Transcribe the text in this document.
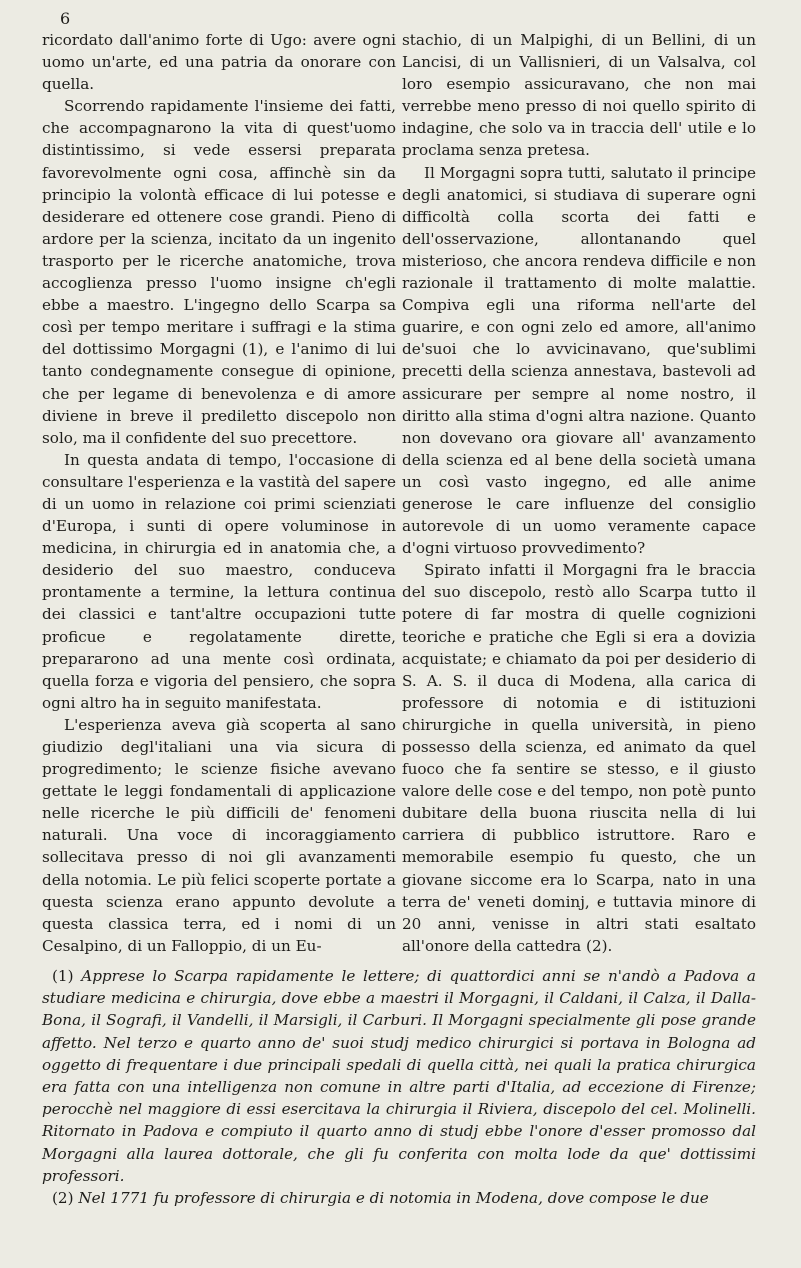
6

ricordato dall'animo forte di Ugo: avere ogni uomo un'arte, ed una patria da onorare con quella.

Scorrendo rapidamente l'insieme dei fatti, che accompagnarono la vita di quest'uomo distintissimo, si vede essersi preparata favorevolmente ogni cosa, affinchè sin da principio la volontà efficace di lui potesse e desiderare ed ottenere cose grandi. Pieno di ardore per la scienza, incitato da un ingenito trasporto per le ricerche anatomiche, trova accoglienza presso l'uomo insigne ch'egli ebbe a maestro. L'ingegno dello Scarpa sa così per tempo meritare i suffragi e la stima del dottissimo Morgagni (1), e l'animo di lui tanto condegnamente consegue di opinione, che per legame di benevolenza e di amore diviene in breve il prediletto discepolo non solo, ma il confidente del suo precettore.

In questa andata di tempo, l'occasione di consultare l'esperienza e la vastità del sapere di un uomo in relazione coi primi scienziati d'Europa, i sunti di opere voluminose in medicina, in chirurgia ed in anatomia che, a desiderio del suo maestro, conduceva prontamente a termine, la lettura continua dei classici e tant'altre occupazioni tutte proficue e regolatamente dirette, prepararono ad una mente così ordinata, quella forza e vigoria del pensiero, che sopra ogni altro ha in seguito manifestata.

L'esperienza aveva già scoperta al sano giudizio degl'italiani una via sicura di progredimento; le scienze fisiche avevano gettate le leggi fondamentali di applicazione nelle ricerche le più difficili de' fenomeni naturali. Una voce di incoraggiamento sollecitava presso di noi gli avanzamenti della notomia. Le più felici scoperte portate a questa scienza erano appunto devolute a questa classica terra, ed i nomi di un Cesalpino, di un Falloppio, di un Eu-

stachio, di un Malpighi, di un Bellini, di un Lancisi, di un Vallisnieri, di un Valsalva, col loro esempio assicuravano, che non mai verrebbe meno presso di noi quello spirito di indagine, che solo va in traccia dell' utile e lo proclama senza pretesa.

Il Morgagni sopra tutti, salutato il principe degli anatomici, si studiava di superare ogni difficoltà colla scorta dei fatti e dell'osservazione, allontanando quel misterioso, che ancora rendeva difficile e non razionale il trattamento di molte malattie. Compiva egli una riforma nell'arte del guarire, e con ogni zelo ed amore, all'animo de'suoi che lo avvicinavano, que'sublimi precetti della scienza annestava, bastevoli ad assicurare per sempre al nome nostro, il diritto alla stima d'ogni altra nazione. Quanto non dovevano ora giovare all' avanzamento della scienza ed al bene della società umana un così vasto ingegno, ed alle anime generose le care influenze del consiglio autorevole di un uomo veramente capace d'ogni virtuoso provvedimento?

Spirato infatti il Morgagni fra le braccia del suo discepolo, restò allo Scarpa tutto il potere di far mostra di quelle cognizioni teoriche e pratiche che Egli si era a dovizia acquistate; e chiamato da poi per desiderio di S. A. S. il duca di Modena, alla carica di professore di notomia e di istituzioni chirurgiche in quella università, in pieno possesso della scienza, ed animato da quel fuoco che fa sentire se stesso, e il giusto valore delle cose e del tempo, non potè punto dubitare della buona riuscita nella di lui carriera di pubblico istruttore. Raro e memorabile esempio fu questo, che un giovane siccome era lo Scarpa, nato in una terra de' veneti dominj, e tuttavia minore di 20 anni, venisse in altri stati esaltato all'onore della cattedra (2).

(1) Apprese lo Scarpa rapidamente le lettere; di quattordici anni se n'andò a Padova a studiare medicina e chirurgia, dove ebbe a maestri il Morgagni, il Caldani, il Calza, il Dalla-Bona, il Sografi, il Vandelli, il Marsigli, il Carburi. Il Morgagni specialmente gli pose grande affetto. Nel terzo e quarto anno de' suoi studj medico chirurgici si portava in Bologna ad oggetto di frequentare i due principali spedali di quella città, nei quali la pratica chirurgica era fatta con una intelligenza non comune in altre parti d'Italia, ad eccezione di Firenze; perocchè nel maggiore di essi esercitava la chirurgia il Riviera, discepolo del cel. Molinelli. Ritornato in Padova e compiuto il quarto anno di studj ebbe l'onore d'esser promosso dal Morgagni alla laurea dottorale, che gli fu conferita con molta lode da que' dottissimi professori.

(2) Nel 1771 fu professore di chirurgia e di notomia in Modena, dove compose le due
